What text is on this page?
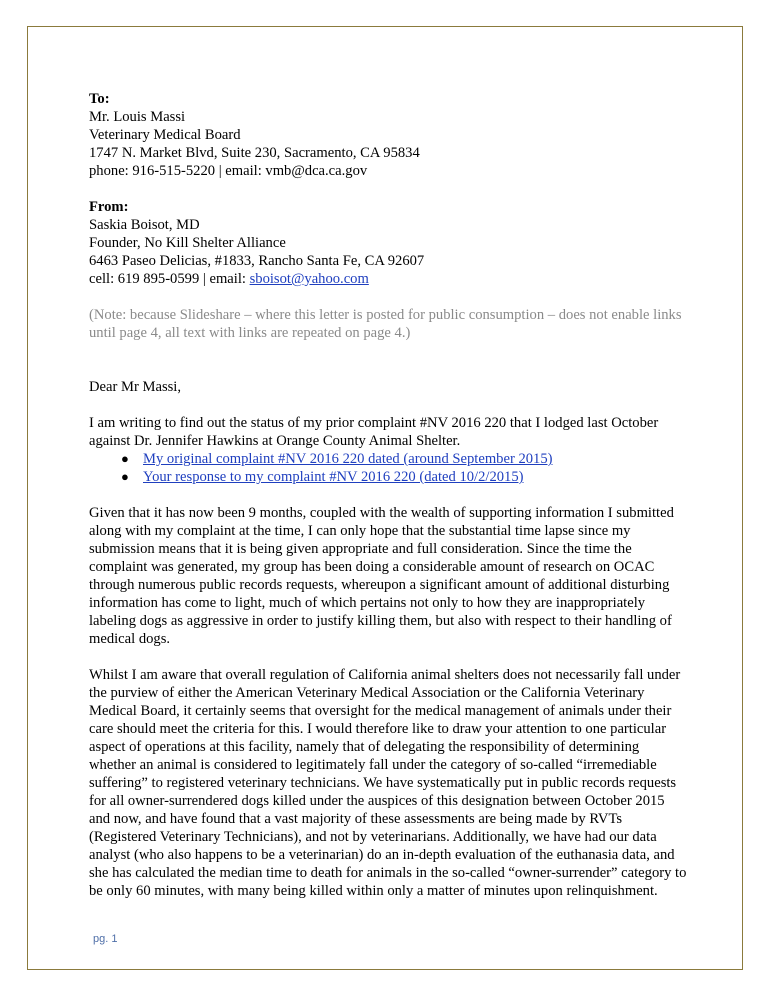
To:
Mr. Louis Massi
Veterinary Medical Board
1747 N. Market Blvd, Suite 230, Sacramento, CA 95834
phone: 916-515-5220 | email: vmb@dca.ca.gov
From:
Saskia Boisot, MD
Founder, No Kill Shelter Alliance
6463 Paseo Delicias, #1833, Rancho Santa Fe, CA 92607
cell: 619 895-0599 | email: sboisot@yahoo.com

(Note: because Slideshare – where this letter is posted for public consumption – does not enable links until page 4, all text with links are repeated on page 4.)

Dear Mr Massi,

I am writing to find out the status of my prior complaint #NV 2016 220 that I lodged last October against Dr. Jennifer Hawkins at Orange County Animal Shelter.

● My original complaint #NV 2016 220 dated (around September 2015)
● Your response to my complaint #NV 2016 220 (dated 10/2/2015)

Given that it has now been 9 months, coupled with the wealth of supporting information I submitted along with my complaint at the time, I can only hope that the substantial time lapse since my submission means that it is being given appropriate and full consideration. Since the time the complaint was generated, my group has been doing a considerable amount of research on OCAC through numerous public records requests, whereupon a significant amount of additional disturbing information has come to light, much of which pertains not only to how they are inappropriately labeling dogs as aggressive in order to justify killing them, but also with respect to their handling of medical dogs.

Whilst I am aware that overall regulation of California animal shelters does not necessarily fall under the purview of either the American Veterinary Medical Association or the California Veterinary Medical Board, it certainly seems that oversight for the medical management of animals under their care should meet the criteria for this. I would therefore like to draw your attention to one particular aspect of operations at this facility, namely that of delegating the responsibility of determining whether an animal is considered to legitimately fall under the category of so-called “irremediable suffering” to registered veterinary technicians. We have systematically put in public records requests for all owner-surrendered dogs killed under the auspices of this designation between October 2015 and now, and have found that a vast majority of these assessments are being made by RVTs (Registered Veterinary Technicians), and not by veterinarians. Additionally, we have had our data analyst (who also happens to be a veterinarian) do an in-depth evaluation of the euthanasia data, and she has calculated the median time to death for animals in the so-called “owner-surrender” category to be only 60 minutes, with many being killed within only a matter of minutes upon relinquishment.

pg. 1
